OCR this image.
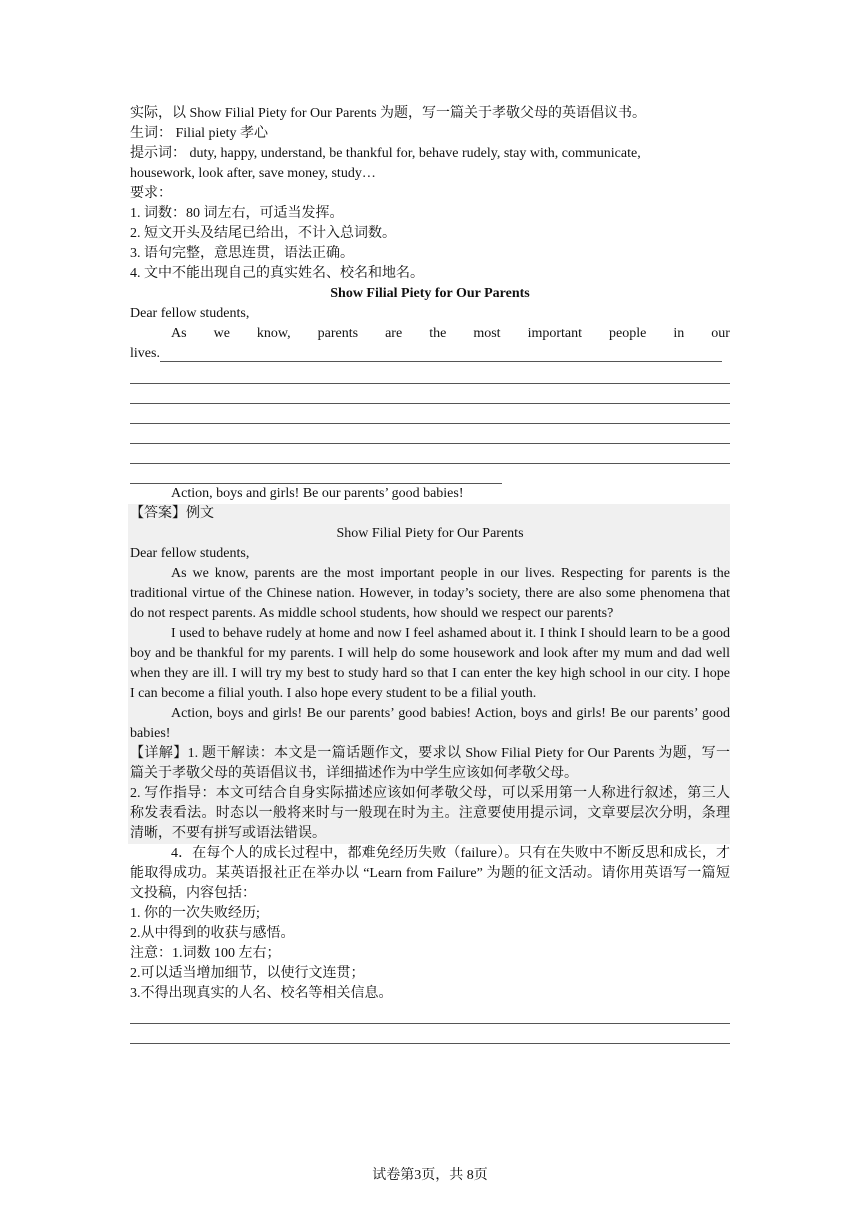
实际，以 Show Filial Piety for Our Parents 为题，写一篇关于孝敬父母的英语倡议书。
生词： Filial piety 孝心
提示词： duty, happy, understand, be thankful for, behave rudely, stay with, communicate,
housework, look after, save money, study…
要求：
1. 词数：80 词左右，可适当发挥。
2. 短文开头及结尾已给出，不计入总词数。
3. 语句完整，意思连贯，语法正确。
4. 文中不能出现自己的真实姓名、校名和地名。
Show Filial Piety for Our Parents
Dear fellow students,
As we know, parents are the most important people in our
lives.
Action, boys and girls! Be our parents’ good babies!
【答案】例文
Show Filial Piety for Our Parents
Dear fellow students,
As we know, parents are the most important people in our lives. Respecting for parents is the traditional virtue of the Chinese nation. However, in today’s society, there are also some phenomena that do not respect parents. As middle school students, how should we respect our parents?
I used to behave rudely at home and now I feel ashamed about it. I think I should learn to be a good boy and be thankful for my parents. I will help do some housework and look after my mum and dad well when they are ill. I will try my best to study hard so that I can enter the key high school in our city. I hope I can become a filial youth. I also hope every student to be a filial youth.
Action, boys and girls! Be our parents’ good babies! Action, boys and girls! Be our parents’ good babies!
【详解】1. 题干解读：本文是一篇话题作文，要求以 Show Filial Piety for Our Parents 为题，写一篇关于孝敬父母的英语倡议书，详细描述作为中学生应该如何孝敬父母。
2. 写作指导：本文可结合自身实际描述应该如何孝敬父母，可以采用第一人称进行叙述，第三人称发表看法。时态以一般将来时与一般现在时为主。注意要使用提示词，文章要层次分明，条理清晰，不要有拼写或语法错误。
4．在每个人的成长过程中，都难免经历失败（failure）。只有在失败中不断反思和成长，才能取得成功。某英语报社正在举办以 “Learn from Failure” 为题的征文活动。请你用英语写一篇短文投稿，内容包括：
1. 你的一次失败经历;
2.从中得到的收获与感悟。
注意：1.词数 100 左右；
2.可以适当增加细节，以使行文连贯；
3.不得出现真实的人名、校名等相关信息。
试卷第3页，共 8页
